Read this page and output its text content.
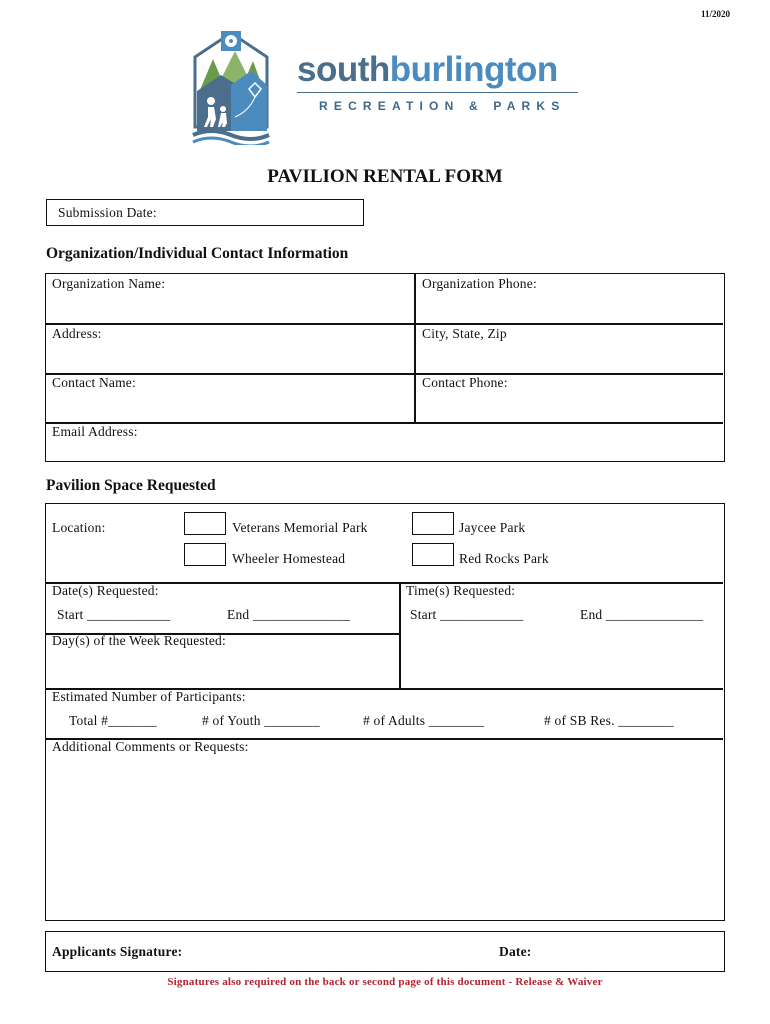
11/2020
southburlington
RECREATION & PARKS
PAVILION RENTAL FORM
Submission Date:
Organization/Individual Contact Information
Organization Name:	Organization Phone:
Address:	City, State, Zip
Contact Name:	Contact Phone:
Email Address:
Pavilion Space Requested
Location:	Veterans Memorial Park	Jaycee Park
Wheeler Homestead	Red Rocks Park
Date(s) Requested:
Start ____________	End ______________
Time(s) Requested:
Start ____________	End ______________
Day(s) of the Week Requested:
Estimated Number of Participants:
Total #_______	# of Youth ________	# of Adults ________	# of SB Res. ________
Additional Comments or Requests:
Applicants Signature:	Date:
Signatures also required on the back or second page of this document - Release & Waiver
